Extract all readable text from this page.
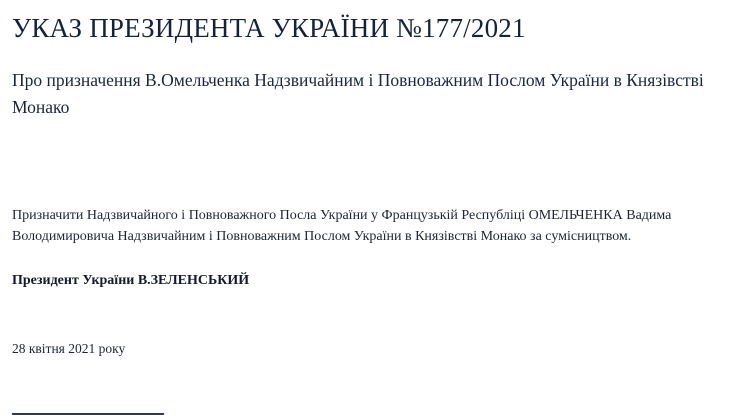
УКАЗ ПРЕЗИДЕНТА УКРАЇНИ №177/2021
Про призначення В.Омельченка Надзвичайним і Повноважним Послом України в Князівстві Монако

Призначити Надзвичайного і Повноважного Посла України у Французькій Республіці ОМЕЛЬЧЕНКА Вадима Володимировича Надзвичайним і Повноважним Послом України в Князівстві Монако за сумісництвом.

Президент України В.ЗЕЛЕНСЬКИЙ

28 квітня 2021 року
